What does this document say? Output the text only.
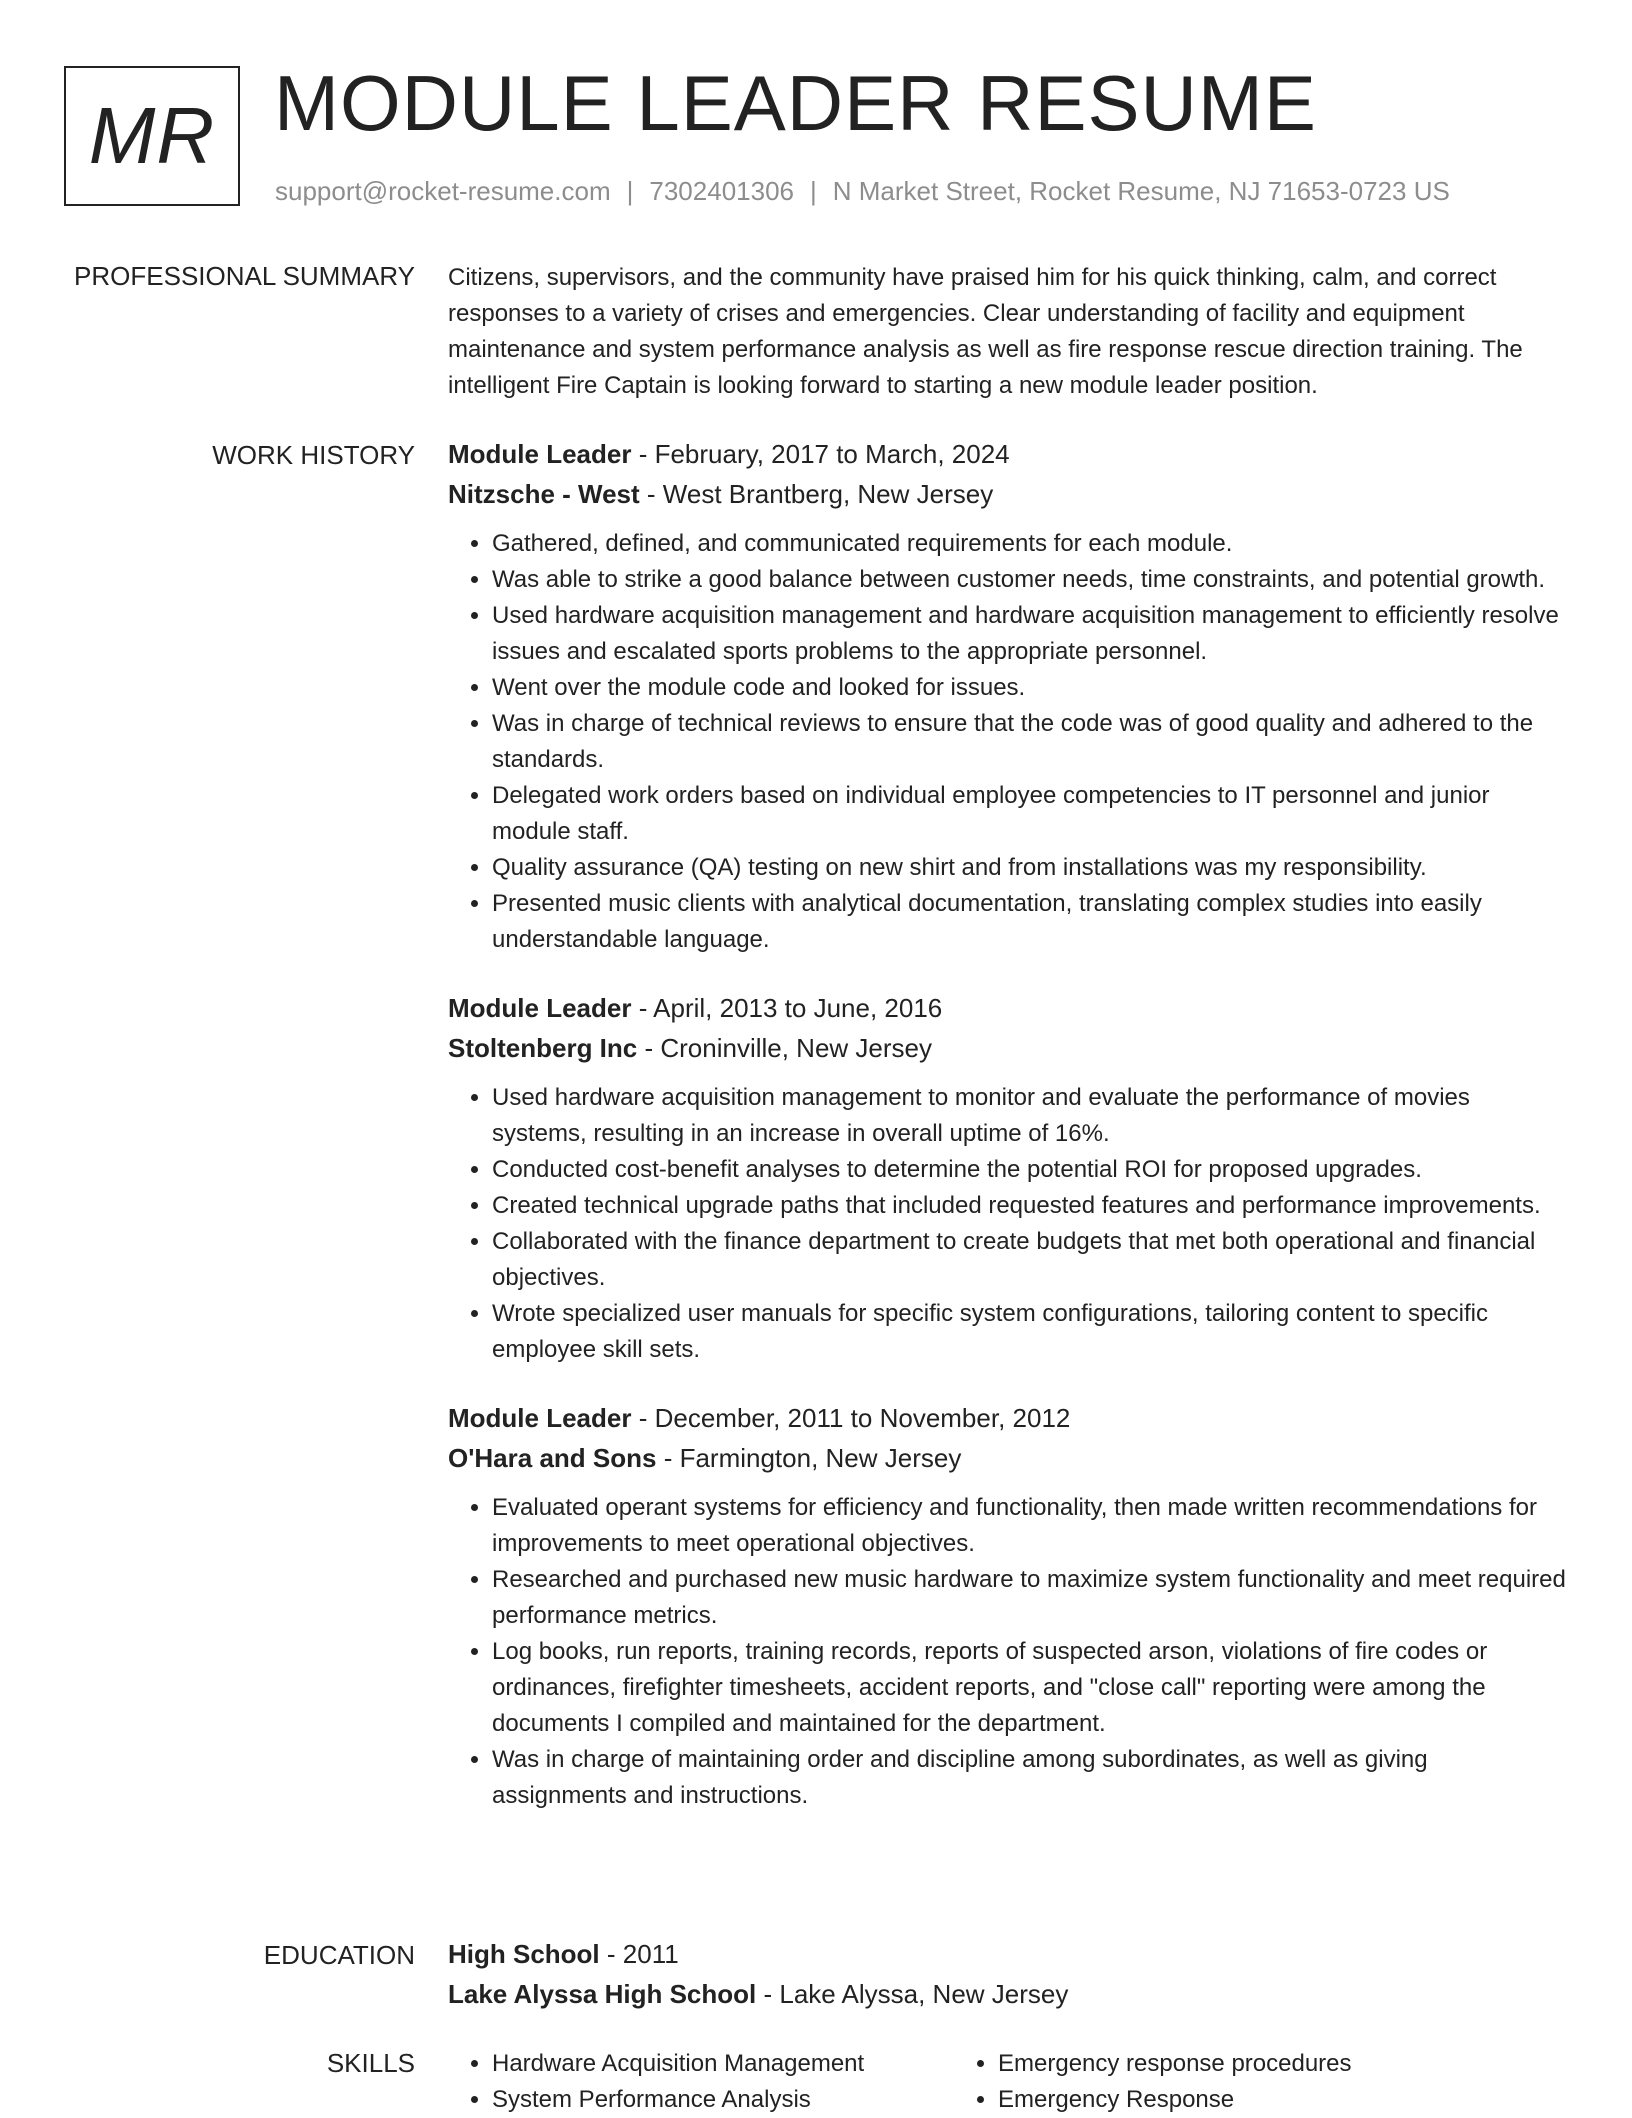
MR MODULE LEADER RESUME
support@rocket-resume.com | 7302401306 | N Market Street, Rocket Resume, NJ 71653-0723 US
PROFESSIONAL SUMMARY Citizens, supervisors, and the community have praised him for his quick thinking, calm, and correct responses to a variety of crises and emergencies. Clear understanding of facility and equipment maintenance and system performance analysis as well as fire response rescue direction training. The intelligent Fire Captain is looking forward to starting a new module leader position.

WORK HISTORY Module Leader - February, 2017 to March, 2024
Nitzsche - West - West Brantberg, New Jersey
• Gathered, defined, and communicated requirements for each module.
• Was able to strike a good balance between customer needs, time constraints, and potential growth.
• Used hardware acquisition management and hardware acquisition management to efficiently resolve issues and escalated sports problems to the appropriate personnel.
• Went over the module code and looked for issues.
• Was in charge of technical reviews to ensure that the code was of good quality and adhered to the standards.
• Delegated work orders based on individual employee competencies to IT personnel and junior module staff.
• Quality assurance (QA) testing on new shirt and from installations was my responsibility.
• Presented music clients with analytical documentation, translating complex studies into easily understandable language.
Module Leader - April, 2013 to June, 2016
Stoltenberg Inc - Croninville, New Jersey
• Used hardware acquisition management to monitor and evaluate the performance of movies systems, resulting in an increase in overall uptime of 16%.
• Conducted cost-benefit analyses to determine the potential ROI for proposed upgrades.
• Created technical upgrade paths that included requested features and performance improvements.
• Collaborated with the finance department to create budgets that met both operational and financial objectives.
• Wrote specialized user manuals for specific system configurations, tailoring content to specific employee skill sets.
Module Leader - December, 2011 to November, 2012
O'Hara and Sons - Farmington, New Jersey
• Evaluated operant systems for efficiency and functionality, then made written recommendations for improvements to meet operational objectives.
• Researched and purchased new music hardware to maximize system functionality and meet required performance metrics.
• Log books, run reports, training records, reports of suspected arson, violations of fire codes or ordinances, firefighter timesheets, accident reports, and "close call" reporting were among the documents I compiled and maintained for the department.
• Was in charge of maintaining order and discipline among subordinates, as well as giving assignments and instructions.
EDUCATION High School - 2011
Lake Alyssa High School - Lake Alyssa, New Jersey
SKILLS
•	Hardware Acquisition Management
• System Performance Analysis
• Emergency response procedures
• Emergency Response
